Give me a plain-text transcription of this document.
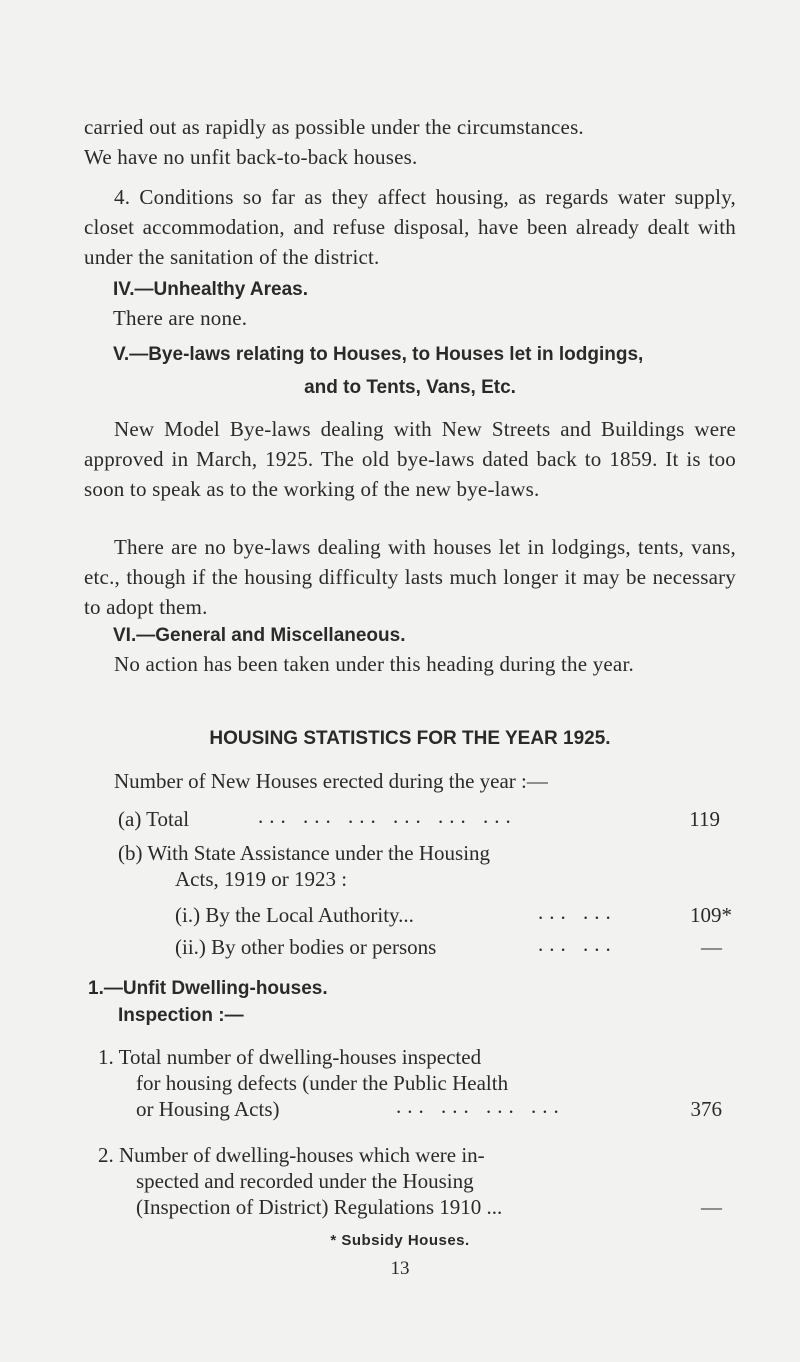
carried out as rapidly as possible under the circumstances.
We have no unfit back-to-back houses.
4. Conditions so far as they affect housing, as regards water supply, closet accommodation, and refuse disposal, have been already dealt with under the sanitation of the district.
IV.—Unhealthy Areas.
There are none.
V.—Bye-laws relating to Houses, to Houses let in lodgings,
and to Tents, Vans, Etc.
New Model Bye-laws dealing with New Streets and Buildings were approved in March, 1925. The old bye-laws dated back to 1859. It is too soon to speak as to the working of the new bye-laws.
There are no bye-laws dealing with houses let in lodgings, tents, vans, etc., though if the housing difficulty lasts much longer it may be necessary to adopt them.
VI.—General and Miscellaneous.
No action has been taken under this heading during the year.
HOUSING STATISTICS FOR THE YEAR 1925.
Number of New Houses erected during the year :—
(a) Total	... ... ... ... ... ...	119
(b) With State Assistance under the Housing
Acts, 1919 or 1923 :
(i.) By the Local Authority...	... ...	109*
(ii.) By other bodies or persons	... ...	—
1.—Unfit Dwelling-houses.
Inspection :—
1. Total number of dwelling-houses inspected
for housing defects (under the Public Health
or Housing Acts)	... ... ... ...	376
2. Number of dwelling-houses which were in-
spected and recorded under the Housing
(Inspection of District) Regulations 1910 ...	—
* Subsidy Houses.
13
